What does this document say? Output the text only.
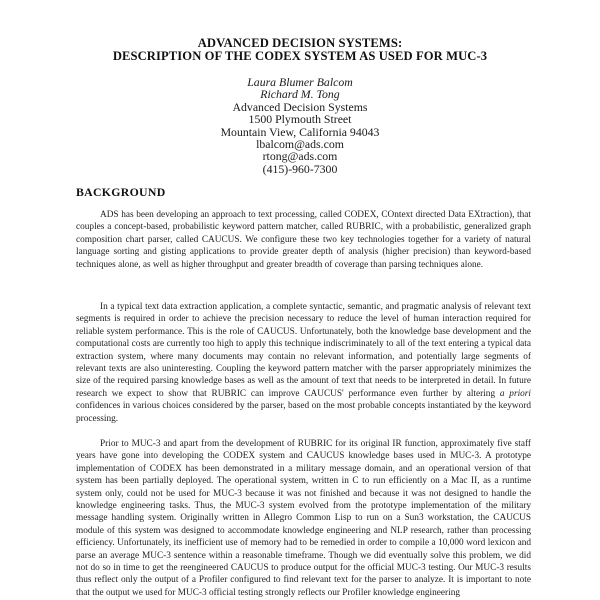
ADVANCED DECISION SYSTEMS:
DESCRIPTION OF THE CODEX SYSTEM AS USED FOR MUC-3
Laura Blumer Balcom
Richard M. Tong
Advanced Decision Systems
1500 Plymouth Street
Mountain View, California 94043
lbalcom@ads.com
rtong@ads.com
(415)-960-7300
BACKGROUND
ADS has been developing an approach to text processing, called CODEX, COntext directed Data EXtraction), that couples a concept-based, probabilistic keyword pattern matcher, called RUBRIC, with a probabilistic, generalized graph composition chart parser, called CAUCUS. We configure these two key technologies together for a variety of natural language sorting and gisting applications to provide greater depth of analysis (higher precision) than keyword-based techniques alone, as well as higher throughput and greater breadth of coverage than parsing techniques alone.
In a typical text data extraction application, a complete syntactic, semantic, and pragmatic analysis of relevant text segments is required in order to achieve the precision necessary to reduce the level of human interaction required for reliable system performance. This is the role of CAUCUS. Unfortunately, both the knowledge base development and the computational costs are currently too high to apply this technique indiscriminately to all of the text entering a typical data extraction system, where many documents may contain no relevant information, and potentially large segments of relevant texts are also uninteresting. Coupling the keyword pattern matcher with the parser appropriately minimizes the size of the required parsing knowledge bases as well as the amount of text that needs to be interpreted in detail. In future research we expect to show that RUBRIC can improve CAUCUS' performance even further by altering a priori confidences in various choices considered by the parser, based on the most probable concepts instantiated by the keyword processing.
Prior to MUC-3 and apart from the development of RUBRIC for its original IR function, approximately five staff years have gone into developing the CODEX system and CAUCUS knowledge bases used in MUC-3. A prototype implementation of CODEX has been demonstrated in a military message domain, and an operational version of that system has been partially deployed. The operational system, written in C to run efficiently on a Mac II, as a runtime system only, could not be used for MUC-3 because it was not finished and because it was not designed to handle the knowledge engineering tasks. Thus, the MUC-3 system evolved from the prototype implementation of the military message handling system. Originally written in Allegro Common Lisp to run on a Sun3 workstation, the CAUCUS module of this system was designed to accommodate knowledge engineering and NLP research, rather than processing efficiency. Unfortunately, its inefficient use of memory had to be remedied in order to compile a 10,000 word lexicon and parse an average MUC-3 sentence within a reasonable timeframe. Though we did eventually solve this problem, we did not do so in time to get the reengineered CAUCUS to produce output for the official MUC-3 testing. Our MUC-3 results thus reflect only the output of a Profiler configured to find relevant text for the parser to analyze. It is important to note that the output we used for MUC-3 official testing strongly reflects our Profiler knowledge engineering
